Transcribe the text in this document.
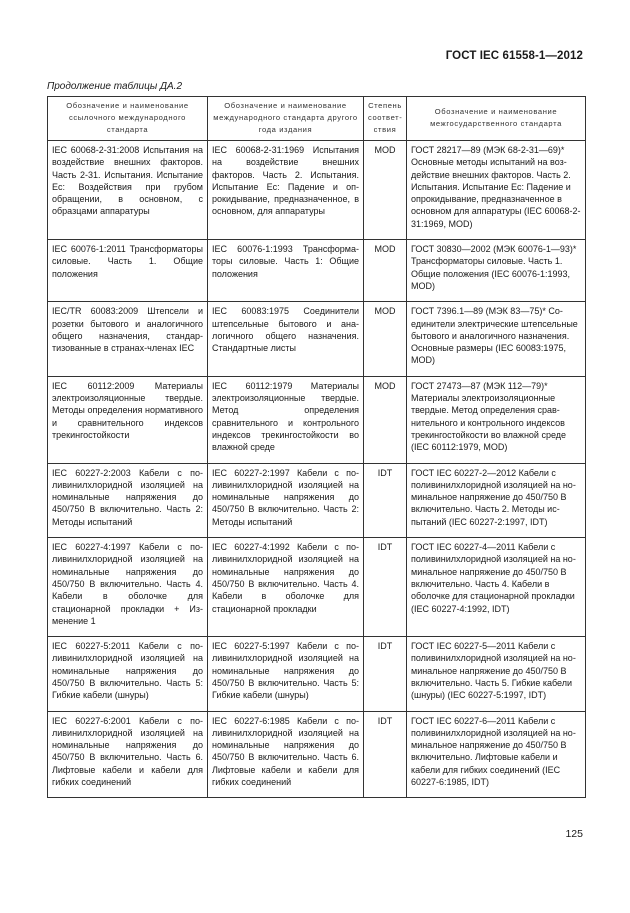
ГОСТ IEC 61558-1—2012
Продолжение таблицы ДА.2
Обозначение и наименование ссылочного международного стандарта	Обозначение и наименование международного стандарта другого года издания	Степень соответ- ствия	Обозначение и наименование межгосударственного стандарта
IEC 60068-2-31:2008 Испытания на воздействие внешних факторов. Часть 2-31. Испытания. Испытание Ec: Воздействия при грубом обращении, в основном, с образцами аппаратуры	IEC 60068-2-31:1969 Испытания на воздействие внешних факторов. Часть 2. Испытания. Испытание Ec: Падение и опрокидывание, предназначенное, в основном, для аппаратуры	MOD	ГОСТ 28217—89 (МЭК 68-2-31—69)* Основные методы испытаний на воздействие внешних факторов. Часть 2. Испытания. Испытание Ec: Падение и опрокидывание, предназначенное в основном для аппаратуры (IEC 60068-2-31:1969, MOD)
IEC 60076-1:2011 Трансформаторы силовые. Часть 1. Общие положения	IEC 60076-1:1993 Трансформаторы силовые. Часть 1: Общие положения	MOD	ГОСТ 30830—2002 (МЭК 60076-1—93)* Трансформаторы силовые. Часть 1. Общие положения (IEC 60076-1:1993, MOD)
IEC/TR 60083:2009 Штепсели и розетки бытового и аналогичного общего назначения, стандартизованные в странах-членах IEC	IEC 60083:1975 Соединители штепсельные бытового и аналогичного общего назначения. Стандартные листы	MOD	ГОСТ 7396.1—89 (МЭК 83—75)* Соединители электрические штепсельные бытового и аналогичного назначения. Основные размеры (IEC 60083:1975, MOD)
IEC 60112:2009 Материалы электроизоляционные твердые. Методы определения нормативного и сравнительного индексов трекингостойкости	IEC 60112:1979 Материалы электроизоляционные твердые. Метод определения сравнительного и контрольного индексов трекингостойкости во влажной среде	MOD	ГОСТ 27473—87 (МЭК 112—79)* Материалы электроизоляционные твердые. Метод определения сравнительного и контрольного индексов трекингостойкости во влажной среде (IEC 60112:1979, MOD)
IEC 60227-2:2003 Кабели с поливинилхлоридной изоляцией на номинальные напряжения до 450/750 В включительно. Часть 2: Методы испытаний	IEC 60227-2:1997 Кабели с поливинилхлоридной изоляцией на номинальные напряжения до 450/750 В включительно. Часть 2: Методы испытаний	IDT	ГОСТ IEC 60227-2—2012 Кабели с поливинилхлоридной изоляцией на номинальное напряжение до 450/750 В включительно. Часть 2. Методы испытаний (IEC 60227-2:1997, IDT)
IEC 60227-4:1997 Кабели с поливинилхлоридной изоляцией на номинальные напряжения до 450/750 В включительно. Часть 4. Кабели в оболочке для стационарной прокладки + Изменение 1	IEC 60227-4:1992 Кабели с поливинилхлоридной изоляцией на номинальные напряжения до 450/750 В включительно. Часть 4. Кабели в оболочке для стационарной прокладки	IDT	ГОСТ IEC 60227-4—2011 Кабели с поливинилхлоридной изоляцией на номинальное напряжение до 450/750 В включительно. Часть 4. Кабели в оболочке для стационарной прокладки (IEC 60227-4:1992, IDT)
IEC 60227-5:2011 Кабели с поливинилхлоридной изоляцией на номинальные напряжения до 450/750 В включительно. Часть 5: Гибкие кабели (шнуры)	IEC 60227-5:1997 Кабели с поливинилхлоридной изоляцией на номинальные напряжения до 450/750 В включительно. Часть 5: Гибкие кабели (шнуры)	IDT	ГОСТ IEC 60227-5—2011 Кабели с поливинилхлоридной изоляцией на номинальное напряжение до 450/750 В включительно. Часть 5. Гибкие кабели (шнуры) (IEC 60227-5:1997, IDT)
IEC 60227-6:2001 Кабели с поливинилхлоридной изоляцией на номинальные напряжения до 450/750 В включительно. Часть 6. Лифтовые кабели и кабели для гибких соединений	IEC 60227-6:1985 Кабели с поливинилхлоридной изоляцией на номинальные напряжения до 450/750 В включительно. Часть 6. Лифтовые кабели и кабели для гибких соединений	IDT	ГОСТ IEC 60227-6—2011 Кабели с поливинилхлоридной изоляцией на номинальное напряжение до 450/750 В включительно. Лифтовые кабели и кабели для гибких соединений (IEC 60227-6:1985, IDT)
125
